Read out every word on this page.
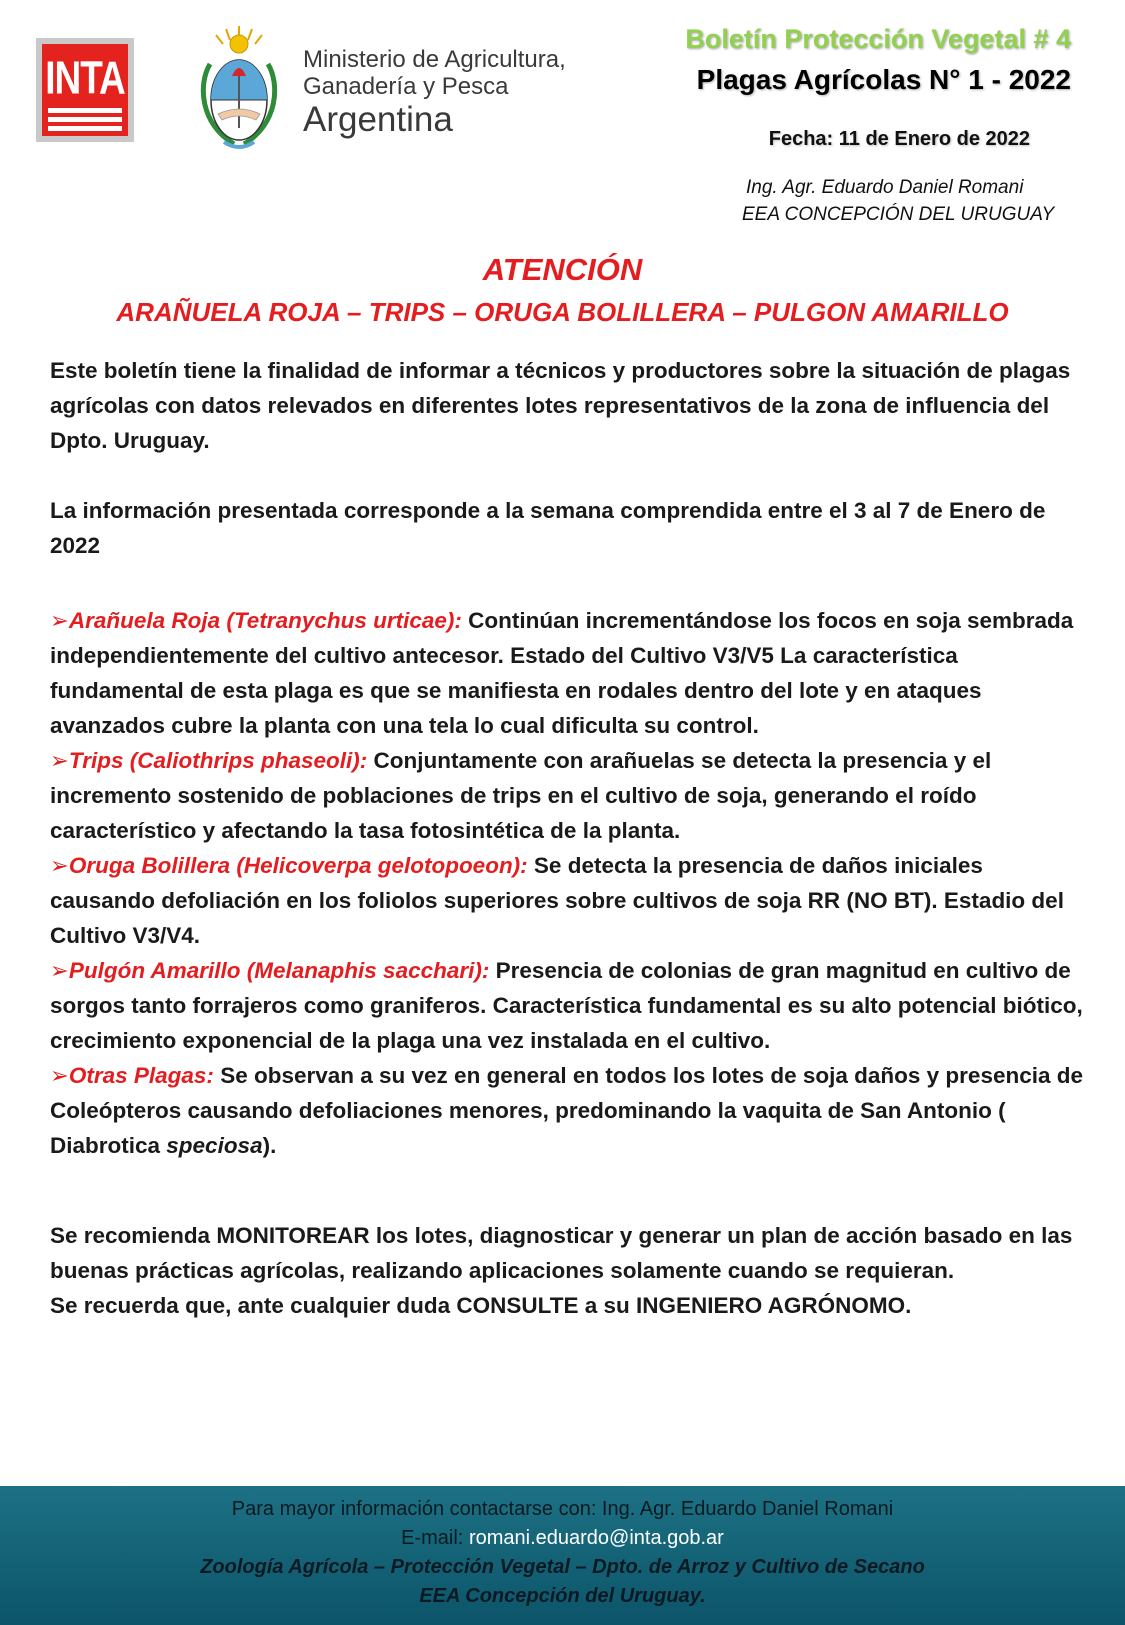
INTA	Ministerio de Agricultura,
Ganadería y Pesca
Argentina
Boletín Protección Vegetal # 4
Plagas Agrícolas N° 1 - 2022
Fecha: 11 de Enero de 2022
Ing. Agr. Eduardo Daniel Romani
EEA CONCEPCIÓN DEL URUGUAY
ATENCIÓN
ARAÑUELA ROJA – TRIPS – ORUGA BOLILLERA – PULGON AMARILLO

Este boletín tiene la finalidad de informar a técnicos y productores sobre la situación de plagas agrícolas con datos relevados en diferentes lotes representativos de la zona de influencia del Dpto. Uruguay.

La información presentada corresponde a la semana comprendida entre el 3 al 7 de Enero de 2022

➢Arañuela Roja (Tetranychus urticae): Continúan incrementándose los focos en soja sembrada independientemente del cultivo antecesor. Estado del Cultivo V3/V5 La característica fundamental de esta plaga es que se manifiesta en rodales dentro del lote y en ataques avanzados cubre la planta con una tela lo cual dificulta su control.

➢Trips (Caliothrips phaseoli): Conjuntamente con arañuelas se detecta la presencia y el incremento sostenido de poblaciones de trips en el cultivo de soja, generando el roído característico y afectando la tasa fotosintética de la planta.

➢Oruga Bolillera (Helicoverpa gelotopoeon): Se detecta la presencia de daños iniciales causando defoliación en los foliolos superiores sobre cultivos de soja RR (NO BT). Estadio del Cultivo V3/V4.

➢Pulgón Amarillo (Melanaphis sacchari): Presencia de colonias de gran magnitud en cultivo de sorgos tanto forrajeros como graniferos. Característica fundamental es su alto potencial biótico, crecimiento exponencial de la plaga una vez instalada en el cultivo.

➢Otras Plagas: Se observan a su vez en general en todos los lotes de soja daños y presencia de Coleópteros causando defoliaciones menores, predominando la vaquita de San Antonio ( Diabrotica speciosa).

Se recomienda MONITOREAR los lotes, diagnosticar y generar un plan de acción basado en las buenas prácticas agrícolas, realizando aplicaciones solamente cuando se requieran.

Se recuerda que, ante cualquier duda CONSULTE a su INGENIERO AGRÓNOMO.

Para mayor información contactarse con: Ing. Agr. Eduardo Daniel Romani
E-mail: romani.eduardo@inta.gob.ar
Zoología Agrícola – Protección Vegetal – Dpto. de Arroz y Cultivo de Secano
EEA Concepción del Uruguay.
